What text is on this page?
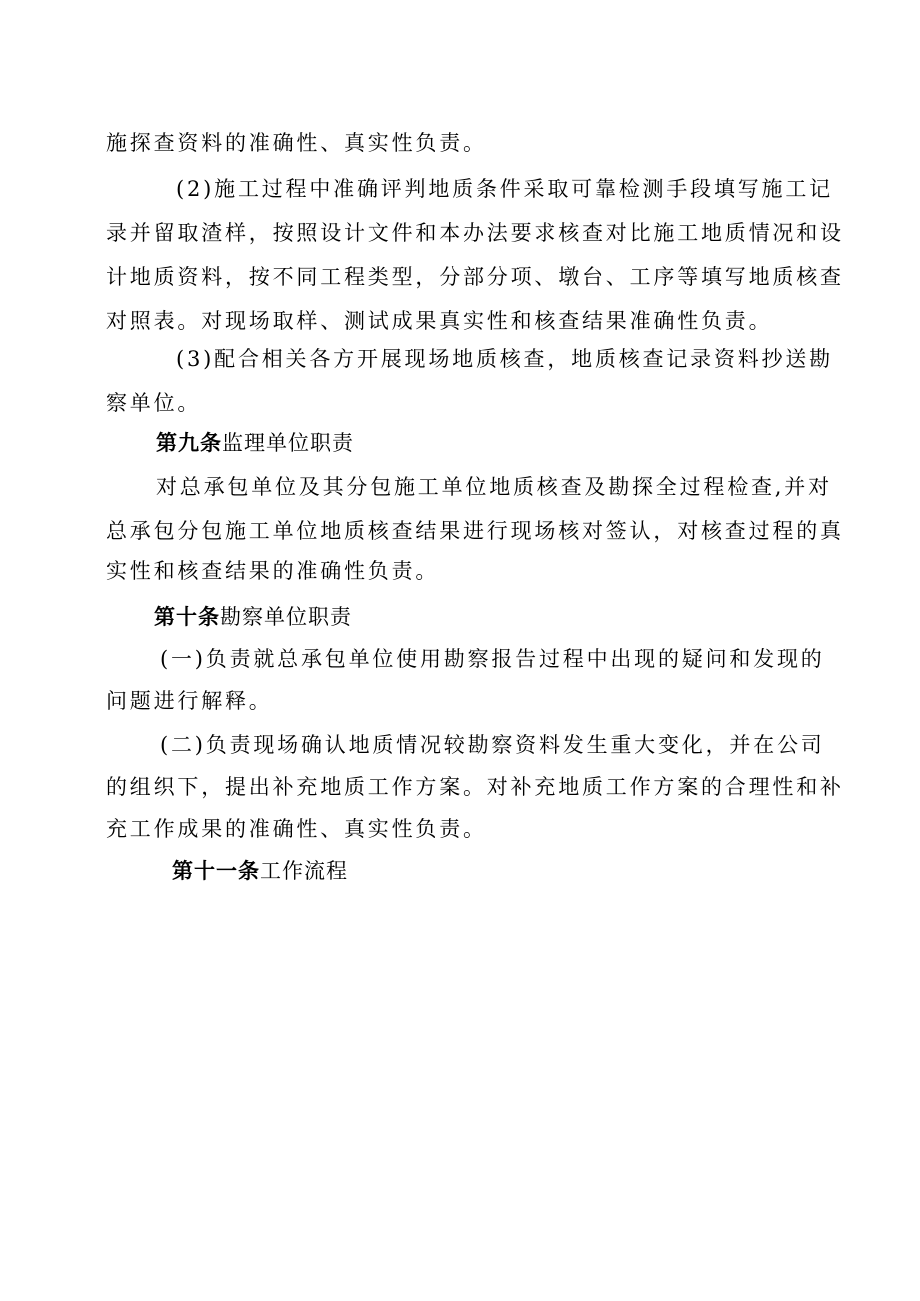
施探查资料的准确性、真实性负责。
(2)施工过程中准确评判地质条件采取可靠检测手段填写施工记
录并留取渣样，按照设计文件和本办法要求核查对比施工地质情况和设
计地质资料，按不同工程类型，分部分项、墩台、工序等填写地质核查
对照表。对现场取样、测试成果真实性和核查结果准确性负责。
(3)配合相关各方开展现场地质核查，地质核查记录资料抄送勘
察单位。
第九条监理单位职责
对总承包单位及其分包施工单位地质核查及勘探全过程检查,并对
总承包分包施工单位地质核查结果进行现场核对签认，对核查过程的真
实性和核查结果的准确性负责。
第十条勘察单位职责
(一)负责就总承包单位使用勘察报告过程中出现的疑问和发现的
问题进行解释。
(二)负责现场确认地质情况较勘察资料发生重大变化，并在公司
的组织下，提出补充地质工作方案。对补充地质工作方案的合理性和补
充工作成果的准确性、真实性负责。
第十一条工作流程
